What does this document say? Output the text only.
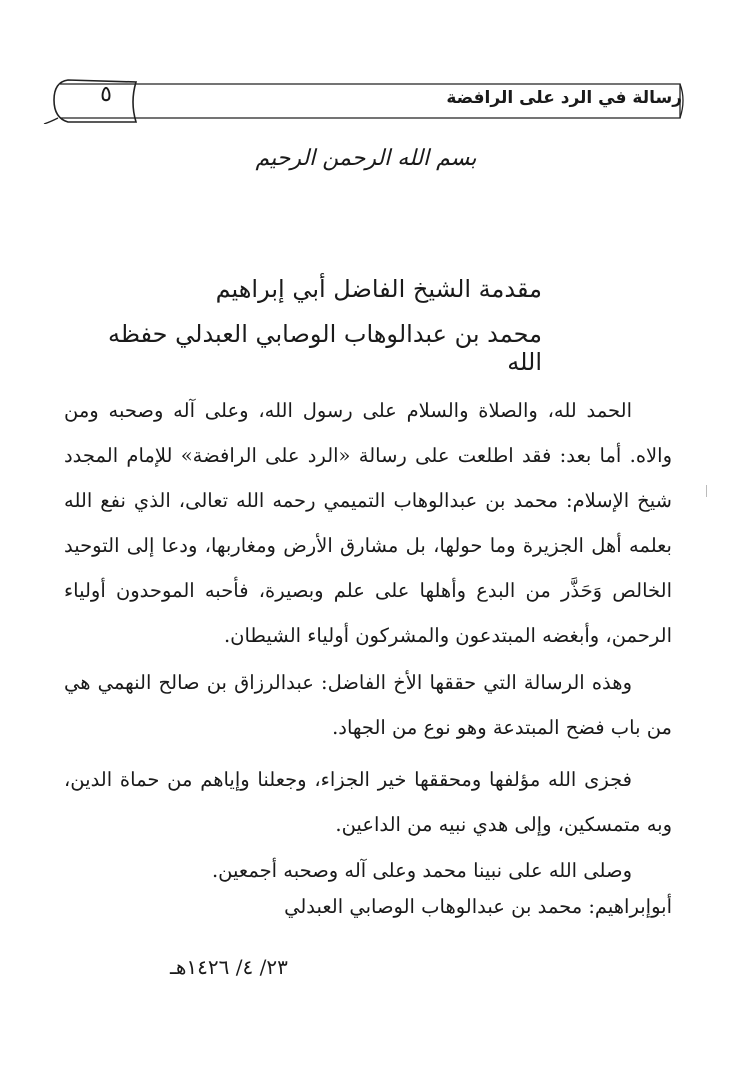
٥	رسالة في الرد على الرافضة
بسم الله الرحمن الرحيم
مقدمة الشيخ الفاضل أبي إبراهيم
محمد بن عبدالوهاب الوصابي العبدلي حفظه الله
الحمد لله، والصلاة والسلام على رسول الله، وعلى آله وصحبه ومن والاه. أما بعد: فقد اطلعت على رسالة «الرد على الرافضة» للإمام المجدد شيخ الإسلام: محمد بن عبدالوهاب التميمي رحمه الله تعالى، الذي نفع الله بعلمه أهل الجزيرة وما حولها، بل مشارق الأرض ومغاربها، ودعا إلى التوحيد الخالص وَحَذَّر من البدع وأهلها على علم وبصيرة، فأحبه الموحدون أولياء الرحمن، وأبغضه المبتدعون والمشركون أولياء الشيطان.
وهذه الرسالة التي حققها الأخ الفاضل: عبدالرزاق بن صالح النهمي هي من باب فضح المبتدعة وهو نوع من الجهاد.
فجزى الله مؤلفها ومحققها خير الجزاء، وجعلنا وإياهم من حماة الدين، وبه متمسكين، وإلى هدي نبيه من الداعين.
وصلى الله على نبينا محمد وعلى آله وصحبه أجمعين.
أبوإبراهيم: محمد بن عبدالوهاب الوصابي العبدلي
٢٣/ ٤/ ١٤٢٦هـ
